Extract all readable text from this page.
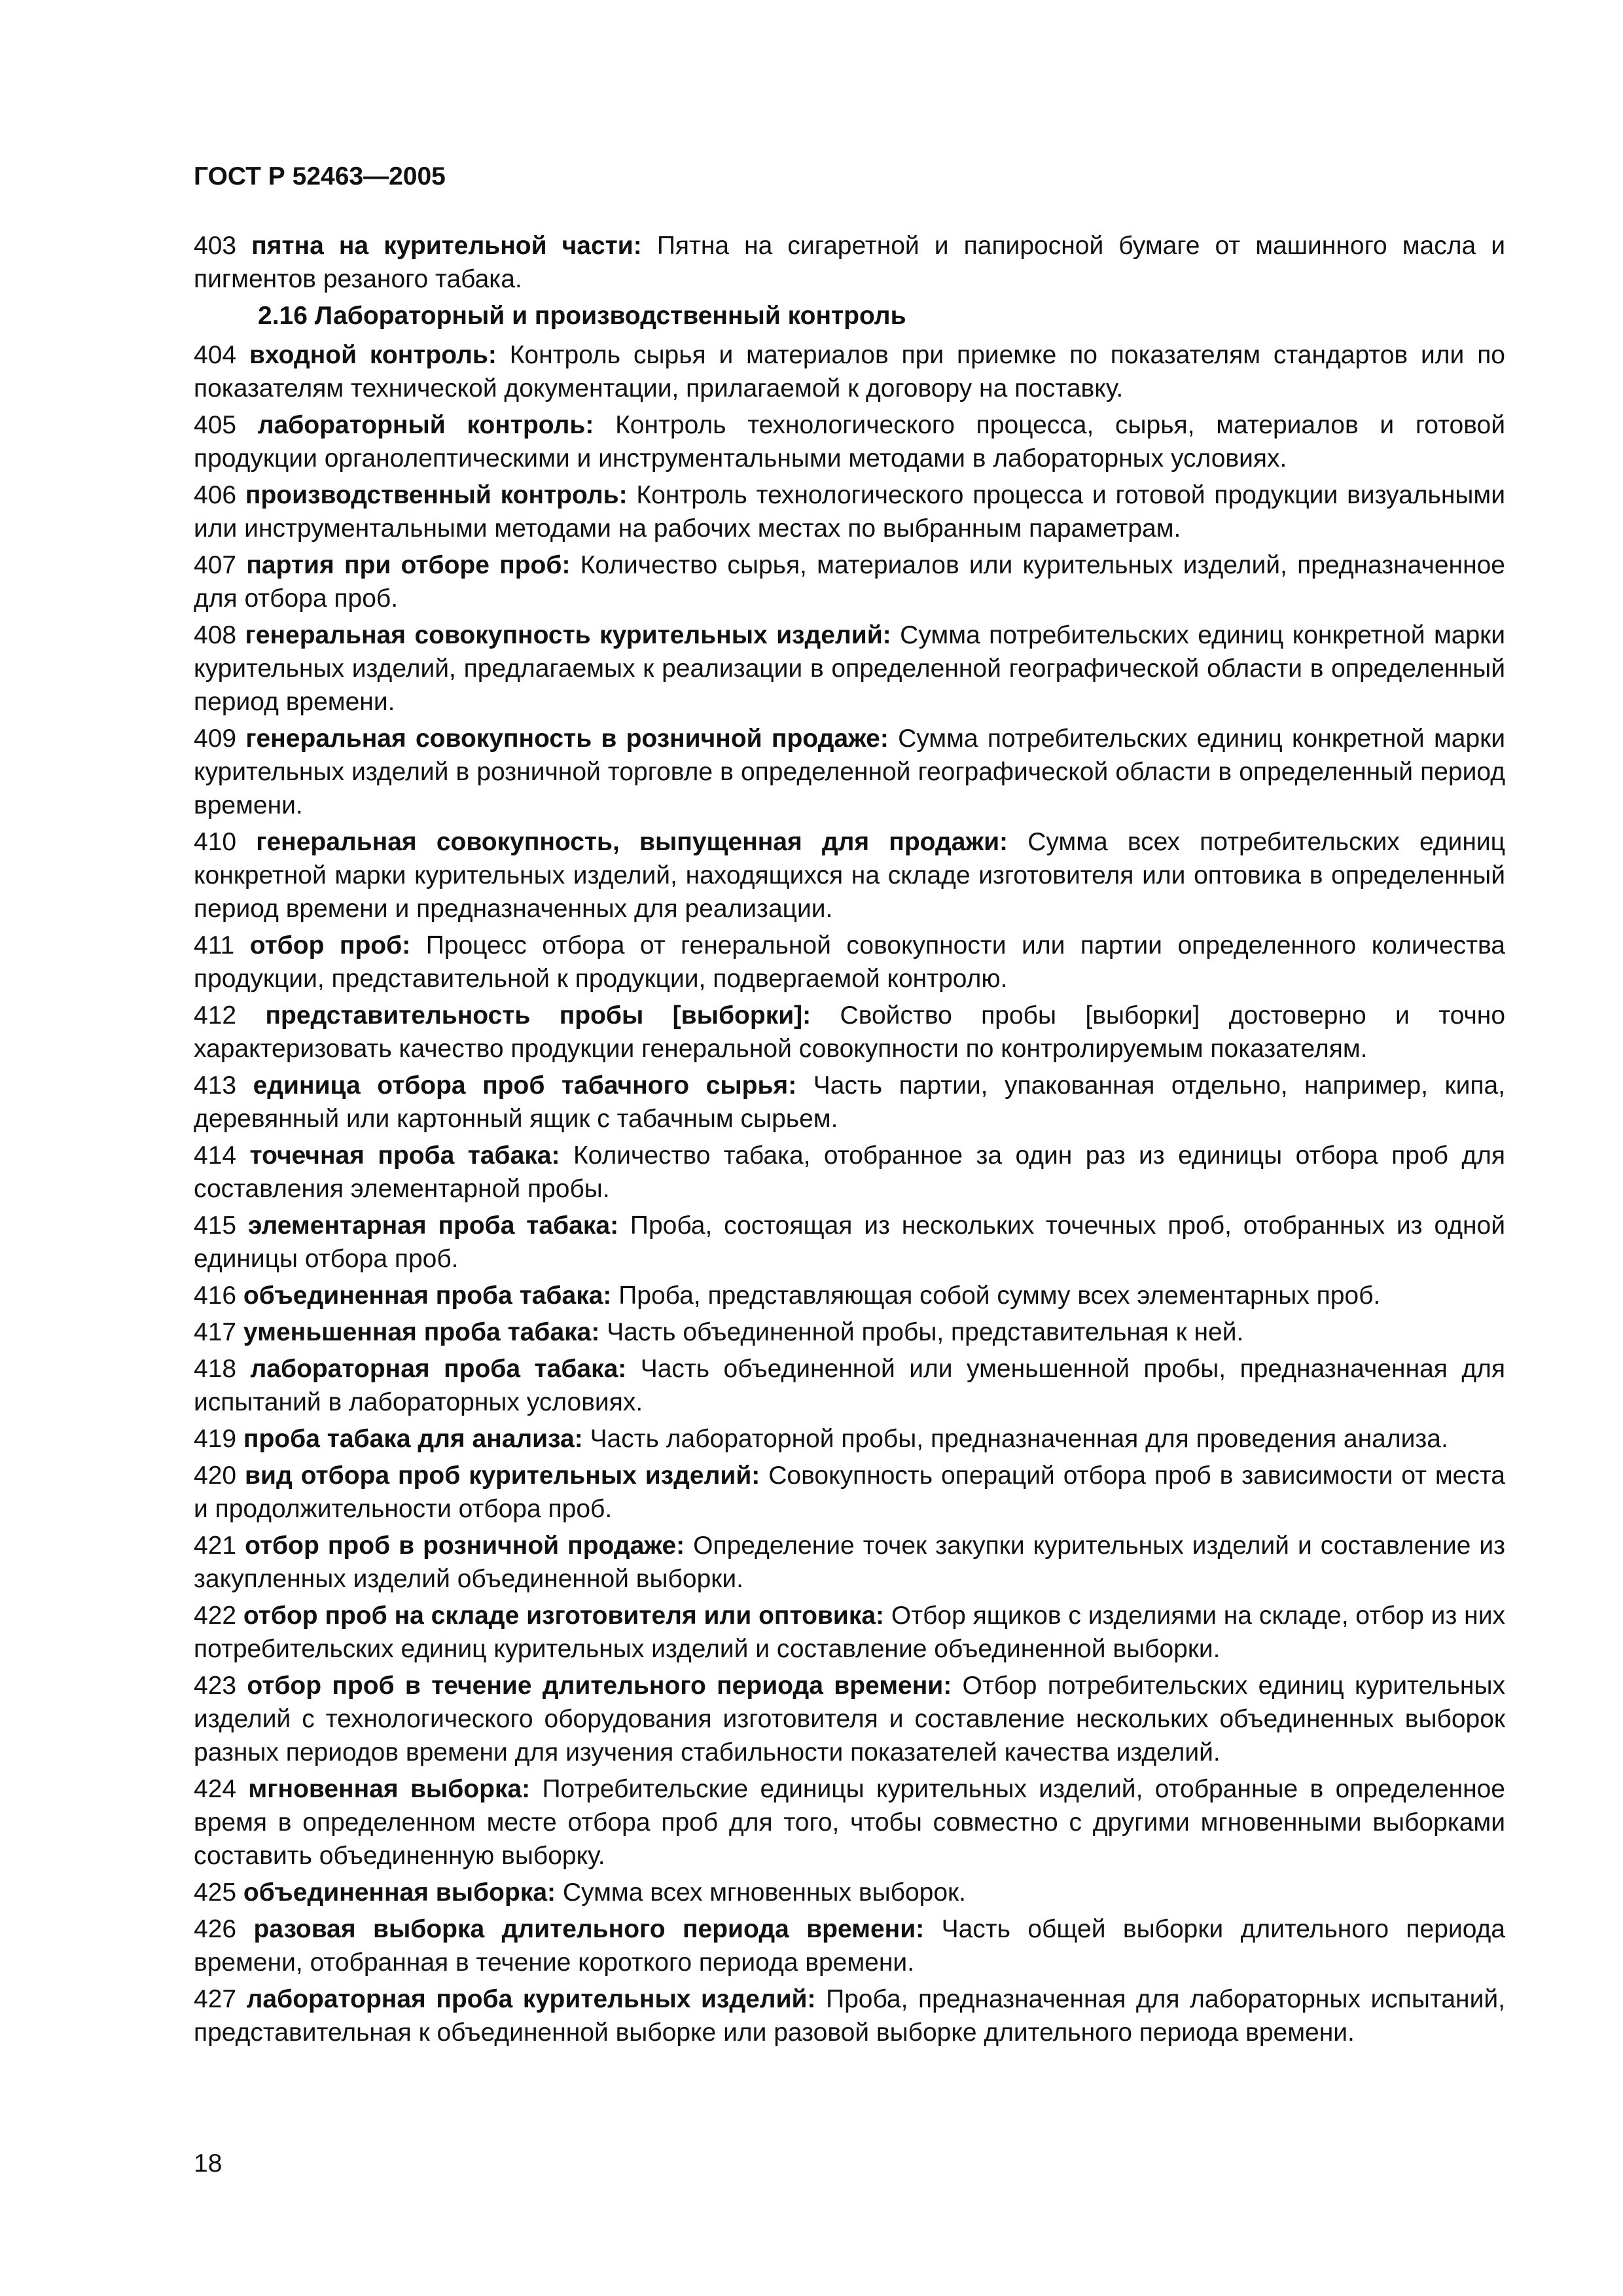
ГОСТ Р 52463—2005
403 пятна на курительной части: Пятна на сигаретной и папиросной бумаге от машинного масла и пигментов резаного табака.
2.16 Лабораторный и производственный контроль
404 входной контроль: Контроль сырья и материалов при приемке по показателям стандартов или по показателям технической документации, прилагаемой к договору на поставку.
405 лабораторный контроль: Контроль технологического процесса, сырья, материалов и готовой продукции органолептическими и инструментальными методами в лабораторных условиях.
406 производственный контроль: Контроль технологического процесса и готовой продукции визуальными или инструментальными методами на рабочих местах по выбранным параметрам.
407 партия при отборе проб: Количество сырья, материалов или курительных изделий, предназначенное для отбора проб.
408 генеральная совокупность курительных изделий: Сумма потребительских единиц конкретной марки курительных изделий, предлагаемых к реализации в определенной географической области в определенный период времени.
409 генеральная совокупность в розничной продаже: Сумма потребительских единиц конкретной марки курительных изделий в розничной торговле в определенной географической области в определенный период времени.
410 генеральная совокупность, выпущенная для продажи: Сумма всех потребительских единиц конкретной марки курительных изделий, находящихся на складе изготовителя или оптовика в определенный период времени и предназначенных для реализации.
411 отбор проб: Процесс отбора от генеральной совокупности или партии определенного количества продукции, представительной к продукции, подвергаемой контролю.
412 представительность пробы [выборки]: Свойство пробы [выборки] достоверно и точно характеризовать качество продукции генеральной совокупности по контролируемым показателям.
413 единица отбора проб табачного сырья: Часть партии, упакованная отдельно, например, кипа, деревянный или картонный ящик с табачным сырьем.
414 точечная проба табака: Количество табака, отобранное за один раз из единицы отбора проб для составления элементарной пробы.
415 элементарная проба табака: Проба, состоящая из нескольких точечных проб, отобранных из одной единицы отбора проб.
416 объединенная проба табака: Проба, представляющая собой сумму всех элементарных проб.
417 уменьшенная проба табака: Часть объединенной пробы, представительная к ней.
418 лабораторная проба табака: Часть объединенной или уменьшенной пробы, предназначенная для испытаний в лабораторных условиях.
419 проба табака для анализа: Часть лабораторной пробы, предназначенная для проведения анализа.
420 вид отбора проб курительных изделий: Совокупность операций отбора проб в зависимости от места и продолжительности отбора проб.
421 отбор проб в розничной продаже: Определение точек закупки курительных изделий и составление из закупленных изделий объединенной выборки.
422 отбор проб на складе изготовителя или оптовика: Отбор ящиков с изделиями на складе, отбор из них потребительских единиц курительных изделий и составление объединенной выборки.
423 отбор проб в течение длительного периода времени: Отбор потребительских единиц курительных изделий с технологического оборудования изготовителя и составление нескольких объединенных выборок разных периодов времени для изучения стабильности показателей качества изделий.
424 мгновенная выборка: Потребительские единицы курительных изделий, отобранные в определенное время в определенном месте отбора проб для того, чтобы совместно с другими мгновенными выборками составить объединенную выборку.
425 объединенная выборка: Сумма всех мгновенных выборок.
426 разовая выборка длительного периода времени: Часть общей выборки длительного периода времени, отобранная в течение короткого периода времени.
427 лабораторная проба курительных изделий: Проба, предназначенная для лабораторных испытаний, представительная к объединенной выборке или разовой выборке длительного периода времени.
18
